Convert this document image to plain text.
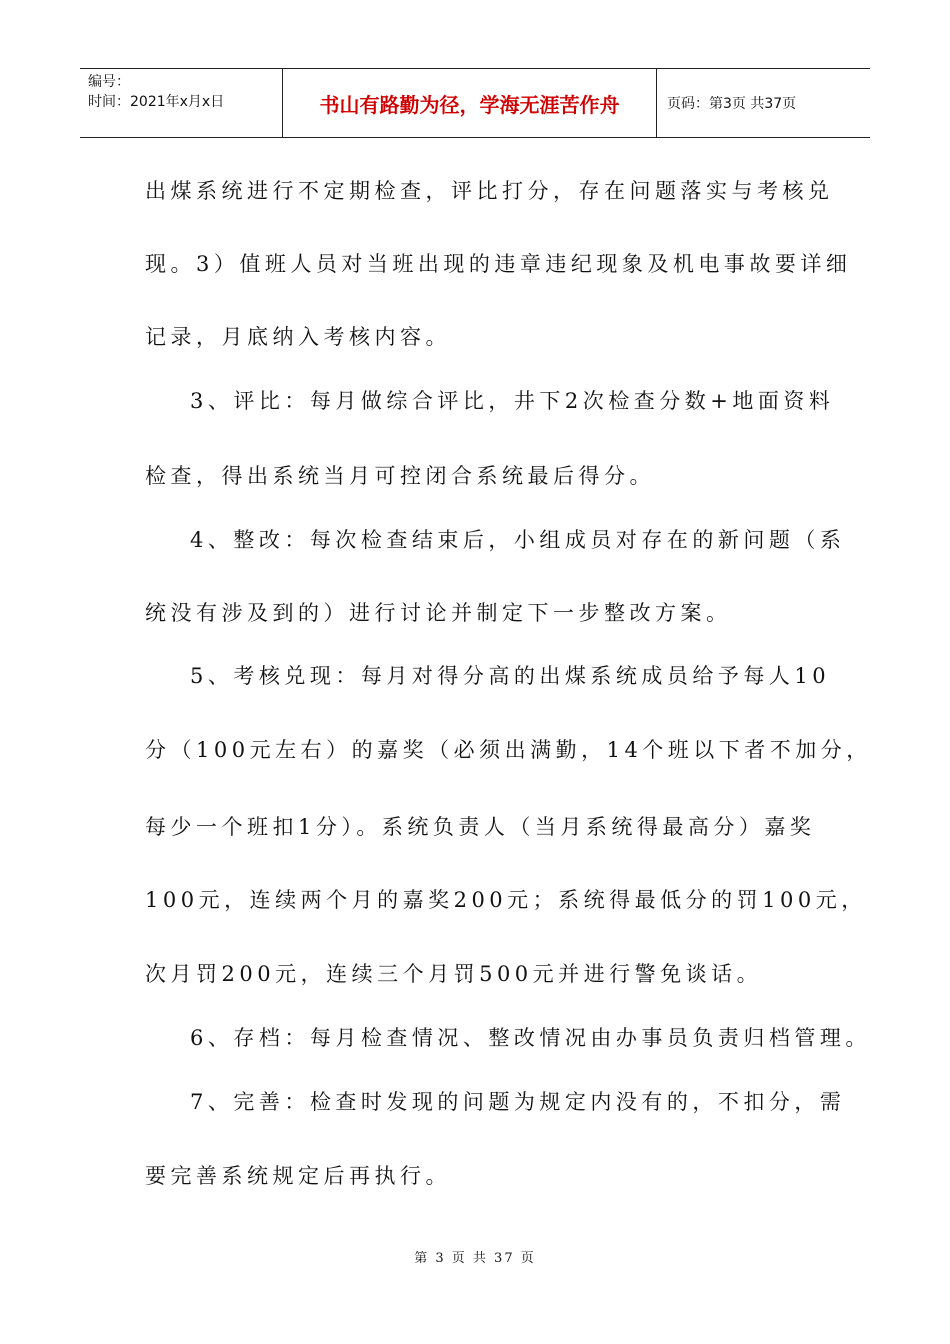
编号：
时间：2021年x月x日	书山有路勤为径，学海无涯苦作舟	页码：第3页 共37页
出煤系统进行不定期检查，评比打分，存在问题落实与考核兑
现。3）值班人员对当班出现的违章违纪现象及机电事故要详细
记录，月底纳入考核内容。
3、评比：每月做综合评比，井下2次检查分数+地面资料
检查，得出系统当月可控闭合系统最后得分。
4、整改：每次检查结束后，小组成员对存在的新问题（系
统没有涉及到的）进行讨论并制定下一步整改方案。
5、考核兑现：每月对得分高的出煤系统成员给予每人10
分（100元左右）的嘉奖（必须出满勤，14个班以下者不加分，
每少一个班扣1分）。系统负责人（当月系统得最高分）嘉奖
100元，连续两个月的嘉奖200元；系统得最低分的罚100元，
次月罚200元，连续三个月罚500元并进行警免谈话。
6、存档：每月检查情况、整改情况由办事员负责归档管理。
7、完善：检查时发现的问题为规定内没有的，不扣分，需
要完善系统规定后再执行。
第 3 页 共 37 页
